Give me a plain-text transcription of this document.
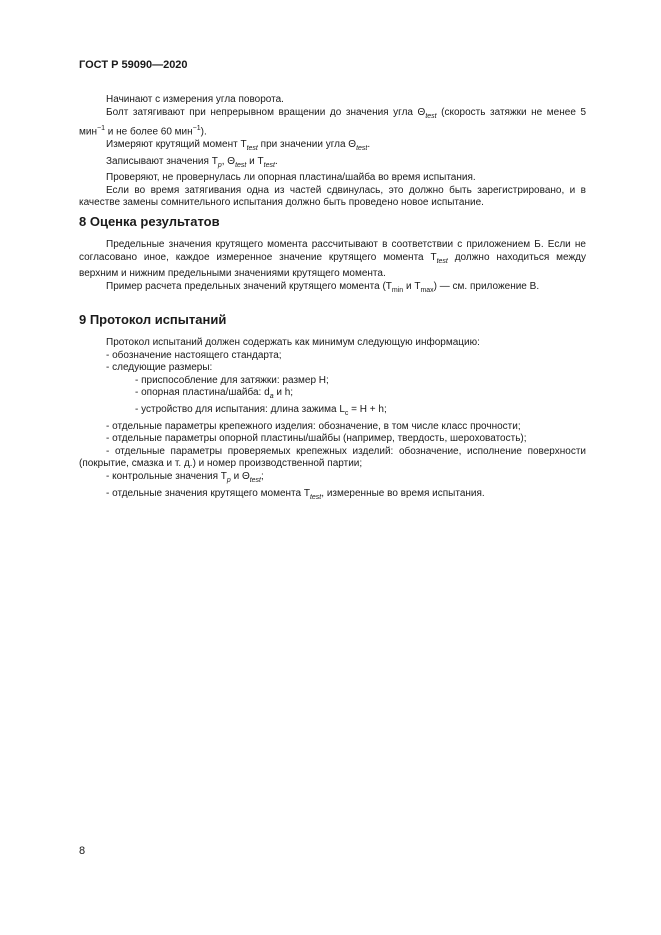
ГОСТ Р 59090—2020

Начинают с измерения угла поворота.

Болт затягивают при непрерывном вращении до значения угла $\Theta_{test}$ (скорость затяжки не менее 5 мин$^{-1}$ и не более 60 мин$^{-1}$).

Измеряют крутящий момент $T_{test}$ при значении угла $\Theta_{test}$.

Записывают значения $T_p$, $\Theta_{test}$ и $T_{test}$.

Проверяют, не провернулась ли опорная пластина/шайба во время испытания.

Если во время затягивания одна из частей сдвинулась, это должно быть зарегистрировано, и в качестве замены сомнительного испытания должно быть проведено новое испытание.

8 Оценка результатов

Предельные значения крутящего момента рассчитывают в соответствии с приложением Б. Если не согласовано иное, каждое измеренное значение крутящего момента $T_{test}$ должно находиться между верхним и нижним предельными значениями крутящего момента.

Пример расчета предельных значений крутящего момента ($T_{min}$ и $T_{max}$) — см. приложение В.

9 Протокол испытаний

Протокол испытаний должен содержать как минимум следующую информацию:

- обозначение настоящего стандарта;

- следующие размеры:

- приспособление для затяжки: размер H;

- опорная пластина/шайба: $d_a$ и h;

- устройство для испытания: длина зажима $L_c = H + h$;

- отдельные параметры крепежного изделия: обозначение, в том числе класс прочности;

- отдельные параметры опорной пластины/шайбы (например, твердость, шероховатость);

- отдельные параметры проверяемых крепежных изделий: обозначение, исполнение поверхности (покрытие, смазка и т. д.) и номер производственной партии;

- контрольные значения $T_p$ и $\Theta_{test}$;

- отдельные значения крутящего момента $T_{test}$, измеренные во время испытания.

8
